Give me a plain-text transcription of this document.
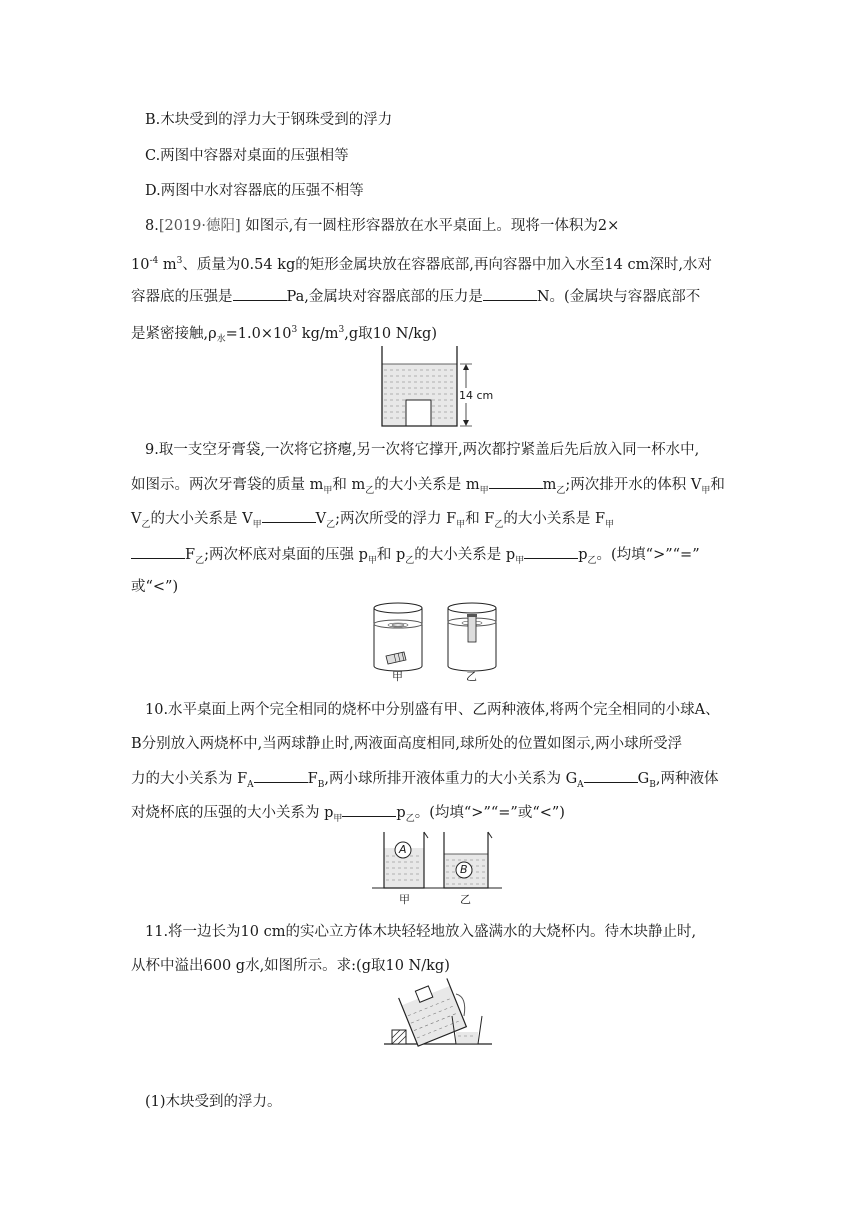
B.木块受到的浮力大于钢珠受到的浮力
C.两图中容器对桌面的压强相等
D.两图中水对容器底的压强不相等
8.[2019·德阳] 如图示,有一圆柱形容器放在水平桌面上。现将一体积为2×
$10^{-4}$ $m^3$、质量为0.54 kg的矩形金属块放在容器底部,再向容器中加入水至14 cm深时,水对
容器底的压强是	Pa,金属块对容器底部的压力是	N。(金属块与容器底部不
是紧密接触$,\rho_水=1.0\times 10^3$ $kg/m^3,g$取10 N/kg)
14 cm
9.取一支空牙膏袋,一次将它挤瘪,另一次将它撑开,两次都拧紧盖后先后放入同一杯水中,
如图示。两次牙膏袋的质量 $m_甲$和 $m_乙$的大小关系是 $m_甲$	$m_乙$;两次排开水的体积 $V_甲$和
$V_乙$的大小关系是 $V_甲$	$V_乙$;两次所受的浮力 $F_甲$和 $F_乙$的大小关系是 $F_甲$
$F_乙$;两次杯底对桌面的压强 $p_甲$和 $p_乙$的大小关系是 $p_甲$	$p_乙$。(均填“>”“=”
或“<”)
甲	乙
10.水平桌面上两个完全相同的烧杯中分别盛有甲、乙两种液体,将两个完全相同的小球A、
B分别放入两烧杯中,当两球静止时,两液面高度相同,球所处的位置如图示,两小球所受浮
力的大小关系为 $F_A$	$F_B$,两小球所排开液体重力的大小关系为 $G_A$	$G_B$,两种液体
对烧杯底的压强的大小关系为 $p_甲$	$p_乙$。(均填“>”“=”或“<”)
A
B
甲	乙
11.将一边长为10 cm的实心立方体木块轻轻地放入盛满水的大烧杯内。待木块静止时,
从杯中溢出600 g水,如图所示。求:(g取10 N/kg)
(1)木块受到的浮力。
